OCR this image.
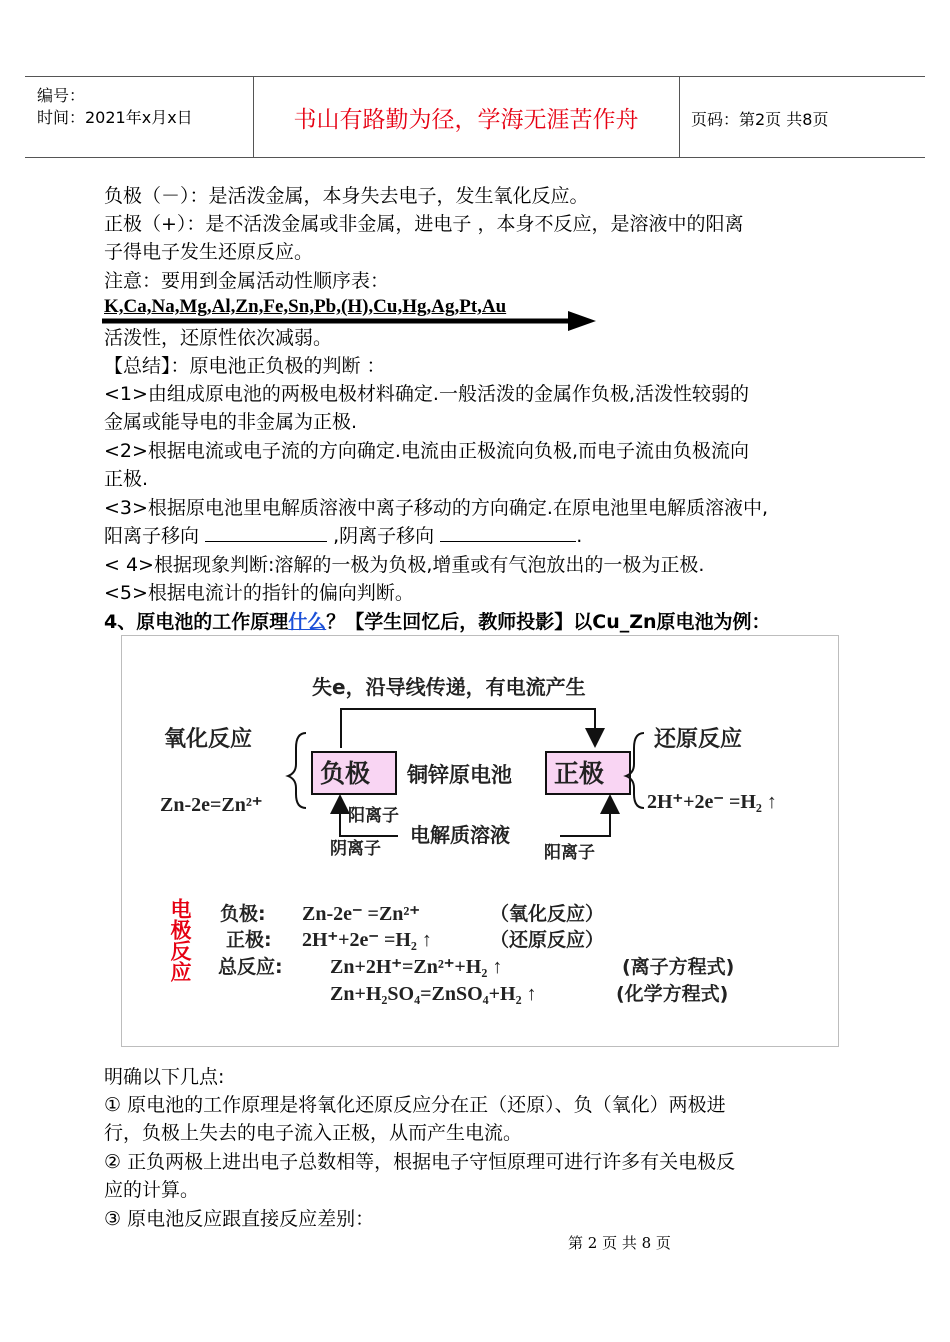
编号：
时间：2021年x月x日	书山有路勤为径，学海无涯苦作舟	页码：第2页 共8页
负极（－）：是活泼金属，本身失去电子，发生氧化反应。
正极（+）：是不活泼金属或非金属，进电子 ，本身不反应，是溶液中的阳离
子得电子发生还原反应。
注意：要用到金属活动性顺序表：
K,Ca,Na,Mg,Al,Zn,Fe,Sn,Pb,(H),Cu,Hg,Ag,Pt,Au
活泼性，还原性依次减弱。
【总结】：原电池正负极的判断 ：
<1>由组成原电池的两极电极材料确定.一般活泼的金属作负极,活泼性较弱的
金属或能导电的非金属为正极.
<2>根据电流或电子流的方向确定.电流由正极流向负极,而电子流由负极流向
正极.
<3>根据原电池里电解质溶液中离子移动的方向确定.在原电池里电解质溶液中,
阳离子移向	,阴离子移向	.
< 4>根据现象判断:溶解的一极为负极,增重或有气泡放出的一极为正极.
<5>根据电流计的指针的偏向判断。
4、原电池的工作原理什么？【学生回忆后，教师投影】以Cu_Zn原电池为例：
失e，沿导线传递，有电流产生
氧化反应
Zn-2e=Zn²⁺
负极 铜锌原电池 正极
还原反应
2H⁺+2e⁻ =H₂ ↑
阳离子
阴离子
电解质溶液
阳离子
电极反应 负极: Zn-2e⁻ =Zn²⁺	（氧化反应）
正极: 2H⁺+2e⁻ =H₂ ↑	（还原反应）
总反应: Zn+2H⁺=Zn²⁺+H₂ ↑	(离子方程式)
Zn+H₂SO₄=ZnSO₄+H₂ ↑	(化学方程式)
明确以下几点:
① 原电池的工作原理是将氧化还原反应分在正（还原）、负（氧化）两极进
行，负极上失去的电子流入正极，从而产生电流。
② 正负两极上进出电子总数相等，根据电子守恒原理可进行许多有关电极反
应的计算。
③ 原电池反应跟直接反应差别：
第 2 页 共 8 页
